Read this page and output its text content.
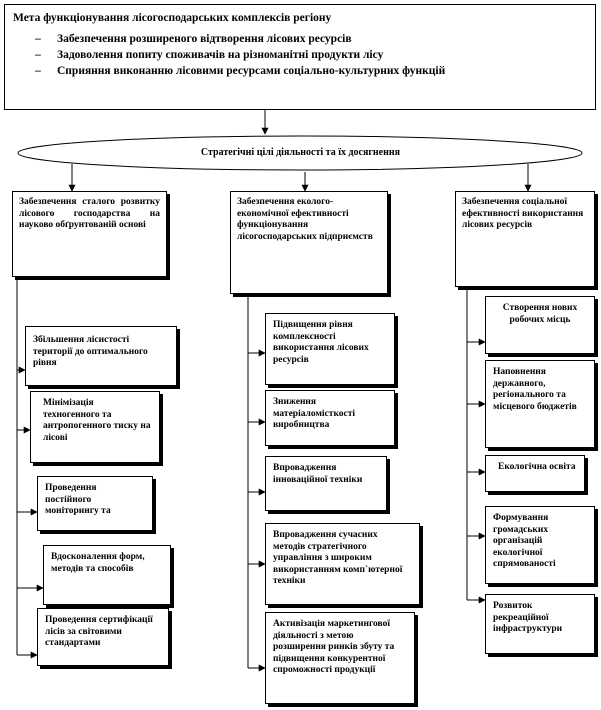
Мета функціонування лісогосподарських комплексів регіону
– Забезпечення розширеного відтворення лісових ресурсів
– Задоволення попиту споживачів на різноманітні продукти лісу
– Сприяння виконанню лісовими ресурсами соціально-культурних функцій
Стратегічні цілі діяльності та їх досягнення
Забезпечення сталого розвитку лісового господарства на науково обґрунтованій основі
Забезпечення еколого-економічної ефективності функціонування лісогосподарських підприємств
Забезпечення соціальної ефективності використання лісових ресурсів
Збільшення лісистості території до оптимального рівня
Мінімізація техногенного та антропогенного тиску на лісові
Проведення постійного моніторингу та
Вдосконалення форм, методів та способів
Проведення сертифікації лісів за світовими стандартами
Підвищення рівня комплексності використання лісових ресурсів
Зниження матеріаломісткості виробництва
Впровадження інноваційної техніки
Впровадження сучасних методів стратегічного управління з широким використанням комп`ютерної техніки
Активізація маркетингової діяльності з метою розширення ринків збуту та підвищення конкурентної спроможності продукції
Створення нових робочих місць
Наповнення державного, регіонального та місцевого бюджетів
Екологічна освіта
Формування громадських організацій екологічної спрямованості
Розвиток рекреаційної інфраструктури
